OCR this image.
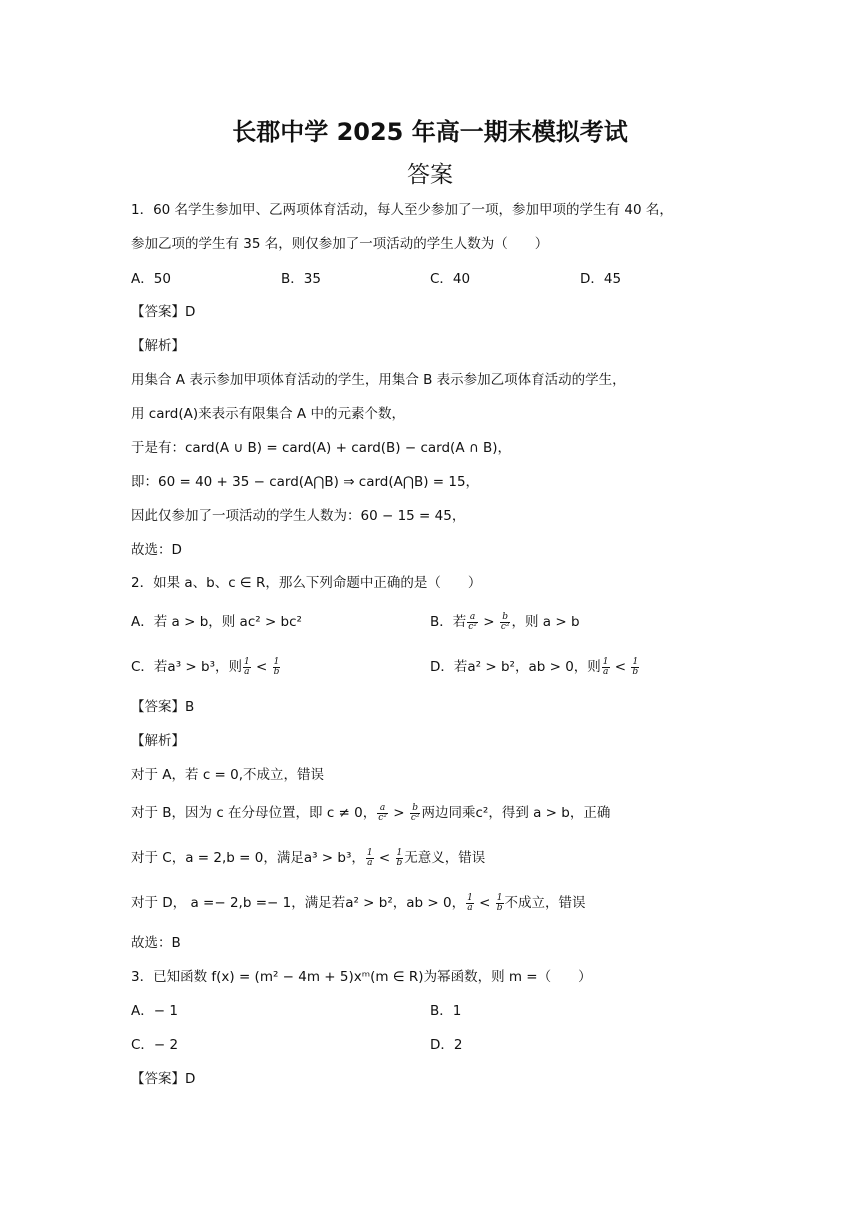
长郡中学 2025 年高一期末模拟考试
答案
1．60 名学生参加甲、乙两项体育活动，每人至少参加了一项，参加甲项的学生有 40 名，
参加乙项的学生有 35 名，则仅参加了一项活动的学生人数为（　　）
A．50	B．35	C．40	D．45
【答案】D
【解析】
用集合 A 表示参加甲项体育活动的学生，用集合 B 表示参加乙项体育活动的学生，
用 card(A)来表示有限集合 A 中的元素个数，
于是有：card(A ∪ B) = card(A) + card(B) − card(A ∩ B)，
即：60 = 40 + 35 − card(A⋂B) ⇒ card(A⋂B) = 15，
因此仅参加了一项活动的学生人数为：60 − 15 = 45，
故选：D
2．如果 a、b、c ∈ R，那么下列命题中正确的是（　　）
A．若 a > b，则 ac² > bc²	B．若 $\frac{a}{\text{c²}} > \frac{b}{\text{c²}}$ ，则 a > b
C．若a³ > b³，则 $\frac{1}{a} < \frac{1}{b}$	D．若a² > b²，ab > 0，则 $\frac{1}{a} < \frac{1}{b}$
【答案】B
【解析】
对于 A，若 c = 0,不成立，错误
对于 B，因为 c 在分母位置，即 c ≠ 0， $\frac{a}{\text{c²}} > \frac{b}{\text{c²}}$ 两边同乘c²，得到 a > b，正确
对于 C，a = 2,b = 0，满足a³ > b³， $\frac{1}{a} < \frac{1}{b}$ 无意义，错误
对于 D， a =− 2,b =− 1，满足若a² > b²，ab > 0， $\frac{1}{a} < \frac{1}{b}$ 不成立，错误
故选：B
3．已知函数 f(x) = (m² − 4m + 5)xᵐ(m ∈ R)为幂函数，则 m =（　　）
A．− 1	B．1
C．− 2	D．2
【答案】D
